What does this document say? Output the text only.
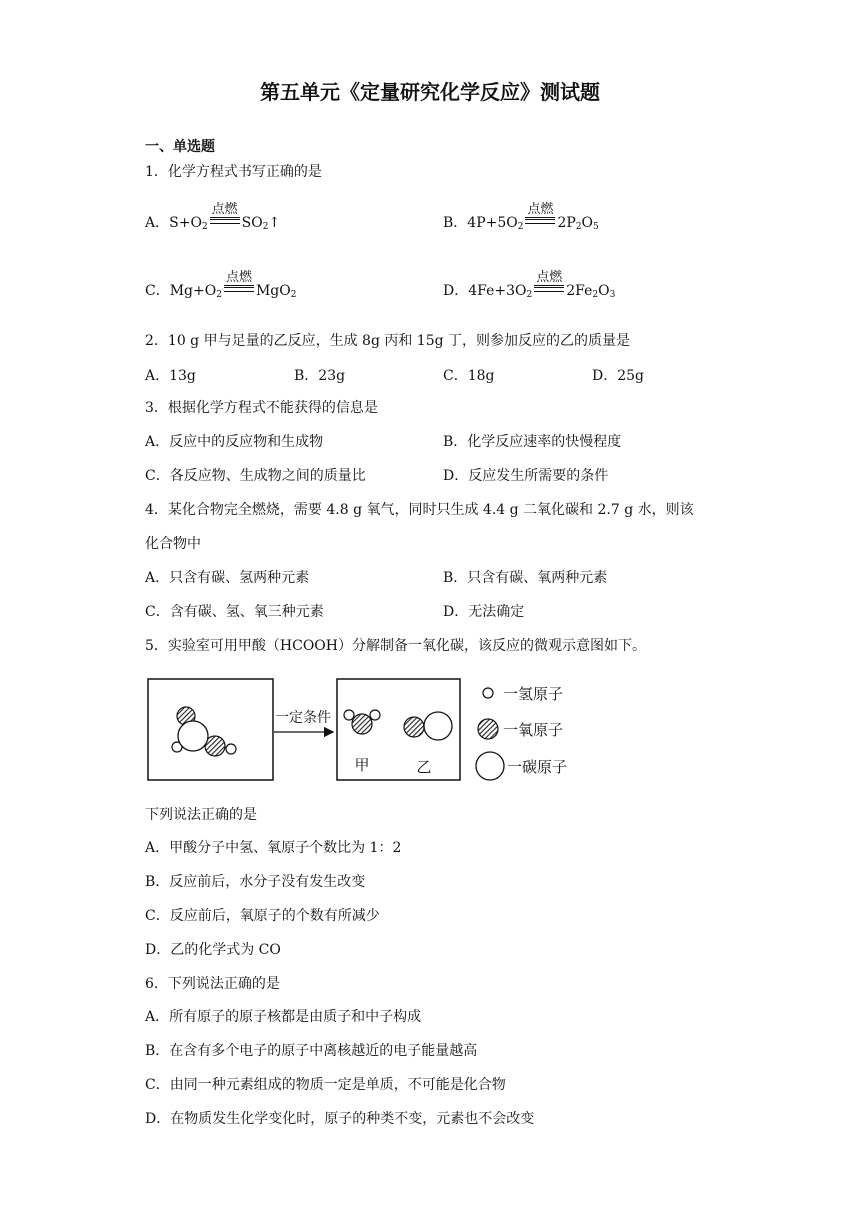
第五单元《定量研究化学反应》测试题
一、单选题
1．化学方程式书写正确的是
A． $S+O_2$
点燃
$SO_2↑$	B． $4P+5O_2$
点燃
$2P_2O_5$
C． $Mg+O_2$
点燃
MgO$_2$	D． $4Fe+3O_2$
点燃
$2Fe_2O_3$
2．10 g 甲与足量的乙反应，生成 8g 丙和 15g 丁，则参加反应的乙的质量是
A．13g	B．23g	C．18g	D．25g
3．根据化学方程式不能获得的信息是
A．反应中的反应物和生成物	B．化学反应速率的快慢程度
C．各反应物、生成物之间的质量比	D．反应发生所需要的条件
4．某化合物完全燃烧，需要 4.8 g 氧气，同时只生成 4.4 g 二氧化碳和 2.7 g 水，则该
化合物中
A．只含有碳、氢两种元素	B．只含有碳、氧两种元素
C．含有碳、氢、氧三种元素	D．无法确定
5．实验室可用甲酸（HCOOH）分解制备一氧化碳，该反应的微观示意图如下。
一定条件
甲	乙
一氢原子
一氧原子
一碳原子
下列说法正确的是
A．甲酸分子中氢、氧原子个数比为 1：2
B．反应前后，水分子没有发生改变
C．反应前后，氧原子的个数有所减少
D．乙的化学式为 CO
6．下列说法正确的是
A．所有原子的原子核都是由质子和中子构成
B．在含有多个电子的原子中离核越近的电子能量越高
C．由同一种元素组成的物质一定是单质，不可能是化合物
D．在物质发生化学变化时，原子的种类不变，元素也不会改变
